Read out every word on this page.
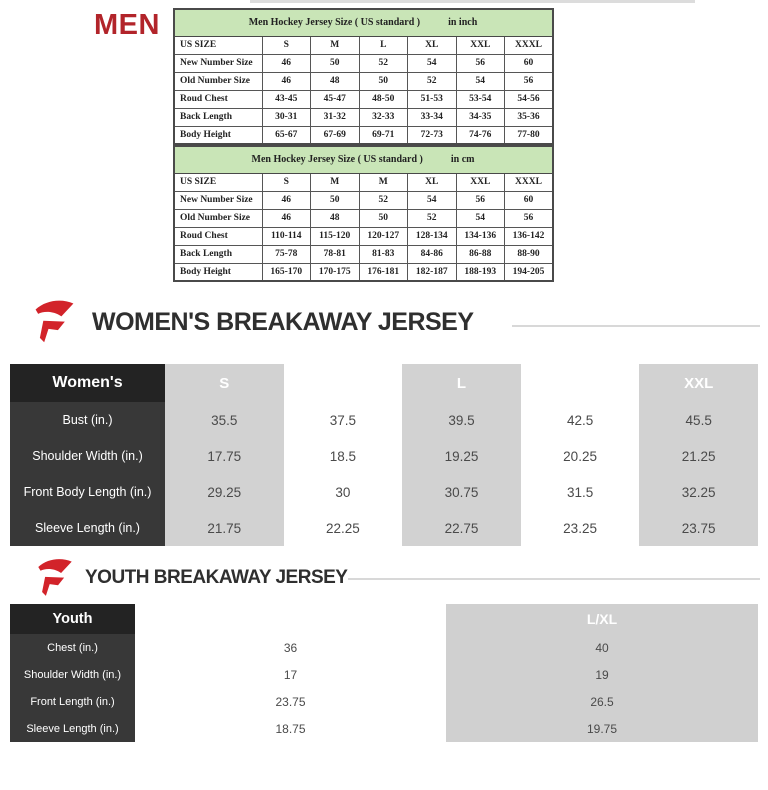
MEN	Men Hockey Jersey Size ( US standard ) in inch						
US SIZE	S	M	L	XL	XXL	XXXL
New Number Size	46	50	52	54	56	60
Old Number Size	46	48	50	52	54	56
Roud Chest	43-45	45-47	48-50	51-53	53-54	54-56
Back Length	30-31	31-32	32-33	33-34	34-35	35-36
Body Height	65-67	67-69	69-71	72-73	74-76	77-80
Men Hockey Jersey Size ( US standard ) in cm						
US SIZE	S	M	M	XL	XXL	XXXL
New Number Size	46	50	52	54	56	60
Old Number Size	46	48	50	52	54	56
Roud Chest	110-114	115-120	120-127	128-134	134-136	136-142
Back Length	75-78	78-81	81-83	84-86	86-88	88-90
Body Height	165-170	170-175	176-181	182-187	188-193	194-205
WOMEN'S BREAKAWAY JERSEY
Women's	S	M	L	XL	XXL
Bust (in.)	35.5	37.5	39.5	42.5	45.5
Shoulder Width (in.)	17.75	18.5	19.25	20.25	21.25
Front Body Length (in.)	29.25	30	30.75	31.5	32.25
Sleeve Length (in.)	21.75	22.25	22.75	23.25	23.75
YOUTH BREAKAWAY JERSEY
Youth	S/M	L/XL
Chest (in.)	36	40
Shoulder Width (in.)	17	19
Front Length (in.)	23.75	26.5
Sleeve Length (in.)	18.75	19.75
